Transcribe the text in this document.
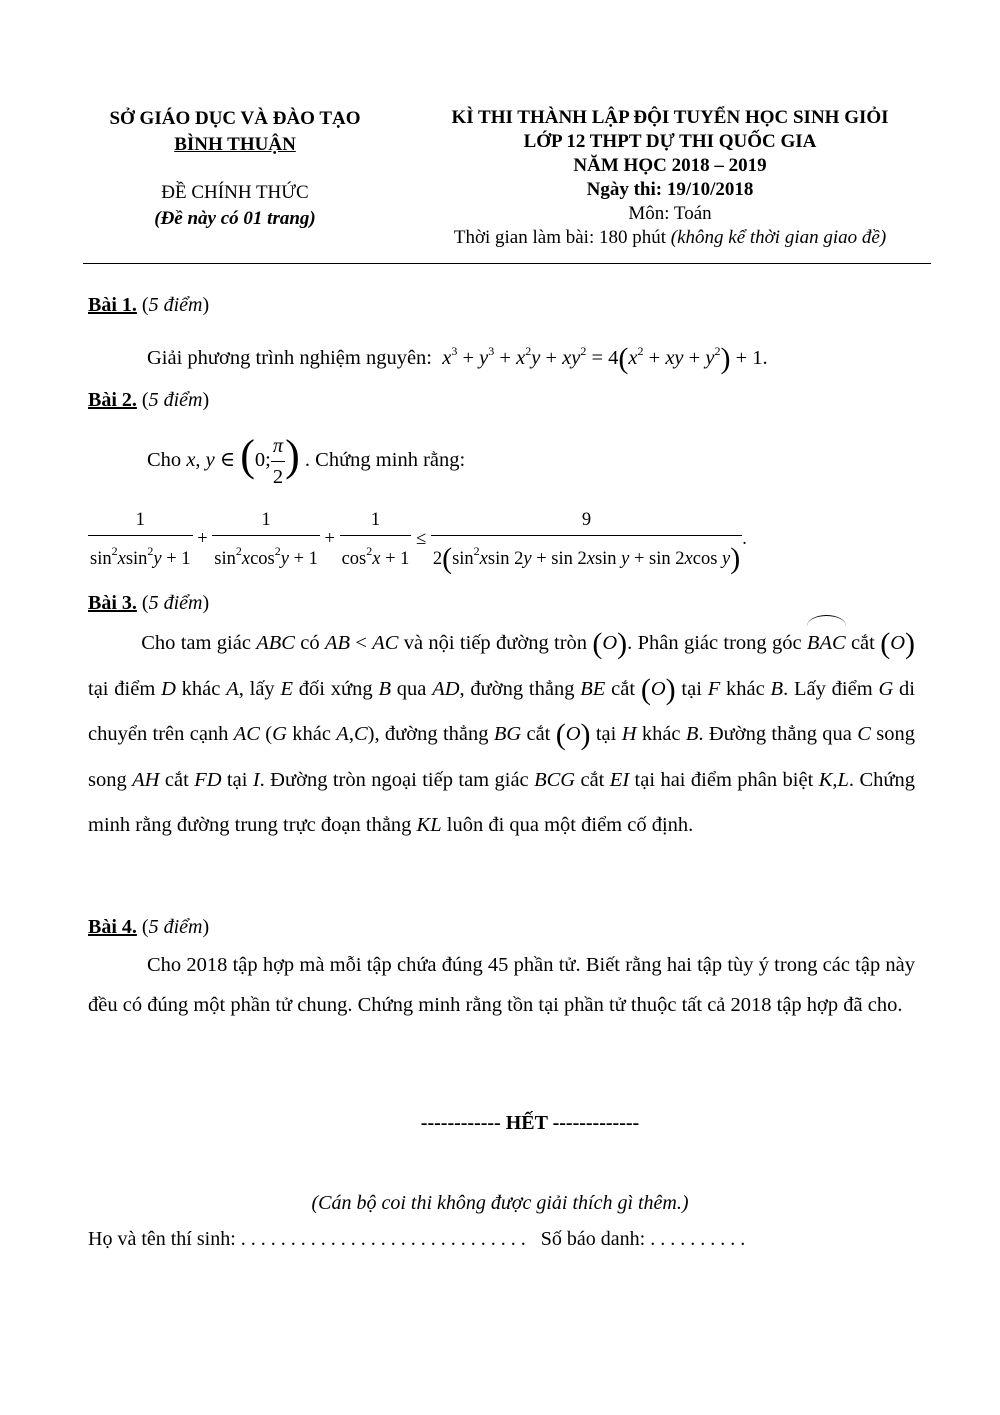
SỞ GIÁO DỤC VÀ ĐÀO TẠO
BÌNH THUẬN
ĐỀ CHÍNH THỨC
(Đề này có 01 trang)
KÌ THI THÀNH LẬP ĐỘI TUYỂN HỌC SINH GIỎI
LỚP 12 THPT DỰ THI QUỐC GIA
NĂM HỌC 2018 – 2019
Ngày thi: 19/10/2018
Môn: Toán
Thời gian làm bài: 180 phút (không kể thời gian giao đề)
Bài 1. (5 điểm)
Giải phương trình nghiệm nguyên: $x^3 + y^3 + x^2y + xy^2 = 4(x^2$ + xy + $y^2) + 1$.
Bài 2. (5 điểm)
Cho x, y ∈ (0; $\frac{\pi}{2}$ ) . Chứng minh rằng:
$\frac{1}{\sin^2xsin^2y + 1} + \frac{1}{\sin^2xcos^2y + 1} + \frac{1}{\cos^2x + 1} \le \frac{9}{2(\sin^2xsin 2y + \sin 2xsin y + \sin 2xcos y)}$ .
Bài 3. (5 điểm)
Cho tam giác ABC có AB < AC và nội tiếp đường tròn (O). Phân giác trong góc BAC cắt (O) tại điểm D khác A, lấy E đối xứng B qua AD, đường thẳng BE cắt (O) tại F khác B. Lấy điểm G di chuyển trên cạnh AC (G khác A,C), đường thẳng BG cắt (O) tại H khác B. Đường thẳng qua C song song AH cắt FD tại I. Đường tròn ngoại tiếp tam giác BCG cắt EI tại hai điểm phân biệt K,L. Chứng minh rằng đường trung trực đoạn thẳng KL luôn đi qua một điểm cố định.
Bài 4. (5 điểm)
Cho 2018 tập hợp mà mỗi tập chứa đúng 45 phần tử. Biết rằng hai tập tùy ý trong các tập này đều có đúng một phần tử chung. Chứng minh rằng tồn tại phần tử thuộc tất cả 2018 tập hợp đã cho.
------------ HẾT -------------
(Cán bộ coi thi không được giải thích gì thêm.)
Họ và tên thí sinh: . . . . . . . . . . . . . . . . . . . . . . . . . . . . . Số báo danh: . . . . . . . . . .
